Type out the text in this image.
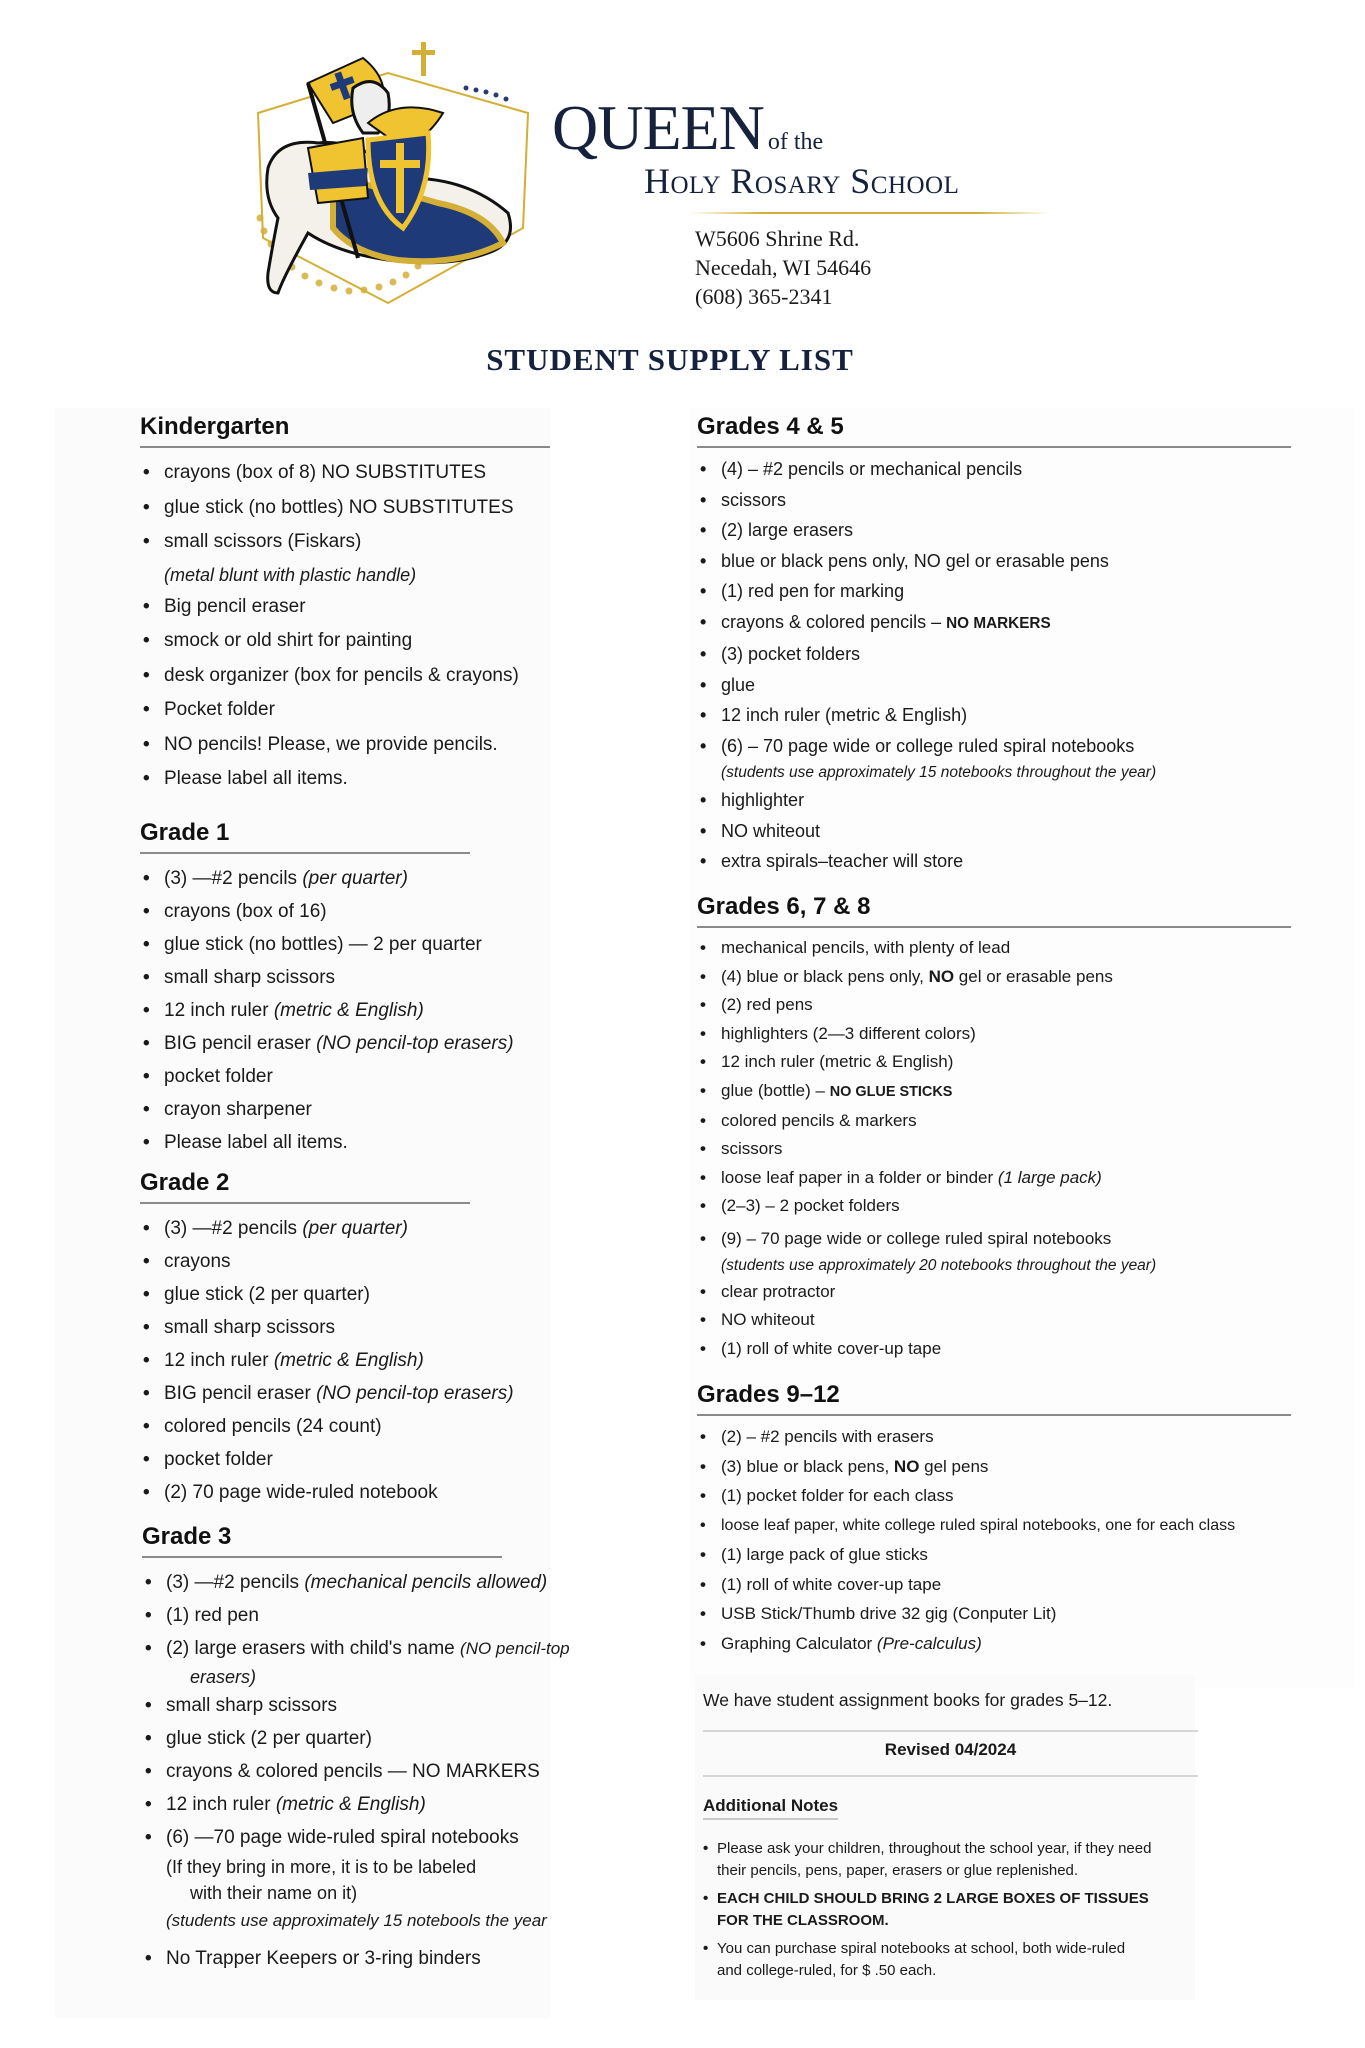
QUEEN of the
Holy Rosary School
W5606 Shrine Rd.
Necedah, WI 54646
(608) 365-2341
STUDENT SUPPLY LIST
Kindergarten
• crayons (box of 8) NO SUBSTITUTES
• glue stick (no bottles) NO SUBSTITUTES
• small scissors (Fiskars)
(metal blunt with plastic handle)
• Big pencil eraser
• smock or old shirt for painting
• desk organizer (box for pencils & crayons)
• Pocket folder
• NO pencils! Please, we provide pencils.
• Please label all items.
Grade 1
• (3) —#2 pencils (per quarter)
• crayons (box of 16)
• glue stick (no bottles) — 2 per quarter
• small sharp scissors
• 12 inch ruler (metric & English)
• BIG pencil eraser (NO pencil-top erasers)
• pocket folder
• crayon sharpener
• Please label all items.
Grade 2
• (3) —#2 pencils (per quarter)
• crayons
• glue stick (2 per quarter)
• small sharp scissors
• 12 inch ruler (metric & English)
• BIG pencil eraser (NO pencil-top erasers)
• colored pencils (24 count)
• pocket folder
• (2) 70 page wide-ruled notebook
Grade 3
• (3) —#2 pencils (mechanical pencils allowed)
• (1) red pen
• (2) large erasers with child's name (NO pencil-top
erasers)
• small sharp scissors
• glue stick (2 per quarter)
• crayons & colored pencils — NO MARKERS
• 12 inch ruler (metric & English)
• (6) —70 page wide-ruled spiral notebooks
(If they bring in more, it is to be labeled
with their name on it)
(students use approximately 15 notebools the year
• No Trapper Keepers or 3-ring binders
Grades 4 & 5
• (4) – #2 pencils or mechanical pencils
• scissors
• (2) large erasers
• blue or black pens only, NO gel or erasable pens
• (1) red pen for marking
• crayons & colored pencils – NO MARKERS
• (3) pocket folders
• glue
• 12 inch ruler (metric & English)
• (6) – 70 page wide or college ruled spiral notebooks
(students use approximately 15 notebooks throughout the year)
• highlighter
• NO whiteout
• extra spirals–teacher will store
Grades 6, 7 & 8
• mechanical pencils, with plenty of lead
• (4) blue or black pens only, NO gel or erasable pens
• (2) red pens
• highlighters (2—3 different colors)
• 12 inch ruler (metric & English)
• glue (bottle) – NO GLUE STICKS
• colored pencils & markers
• scissors
• loose leaf paper in a folder or binder (1 large pack)
• (2–3) – 2 pocket folders
• (9) – 70 page wide or college ruled spiral notebooks
(students use approximately 20 notebooks throughout the year)
• clear protractor
• NO whiteout
• (1) roll of white cover-up tape
Grades 9–12
• (2) – #2 pencils with erasers
• (3) blue or black pens, NO gel pens
• (1) pocket folder for each class
• loose leaf paper, white college ruled spiral notebooks, one for each class
• (1) large pack of glue sticks
• (1) roll of white cover-up tape
• USB Stick/Thumb drive 32 gig (Conputer Lit)
• Graphing Calculator (Pre-calculus)
We have student assignment books for grades 5–12.
Revised 04/2024
Additional Notes
• Please ask your children, throughout the school year, if they need
their pencils, pens, paper, erasers or glue replenished.
• EACH CHILD SHOULD BRING 2 LARGE BOXES OF TISSUES
FOR THE CLASSROOM.
• You can purchase spiral notebooks at school, both wide-ruled
and college-ruled, for $ .50 each.
